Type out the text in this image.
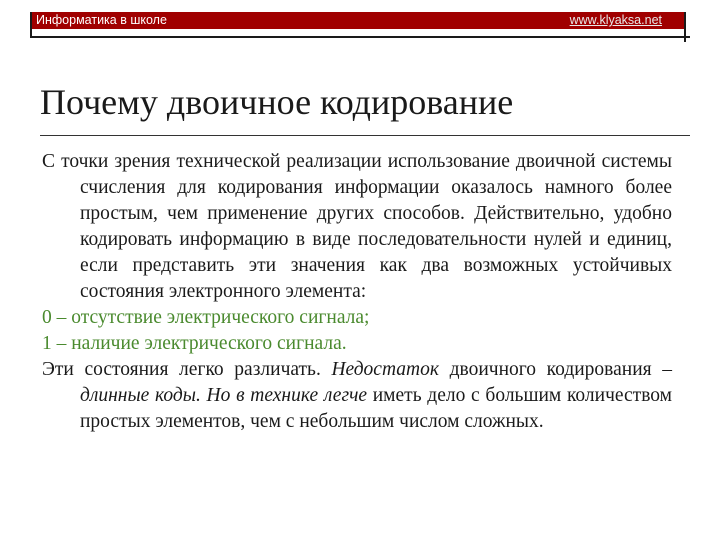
Информатика в школе	www.klyaksa.net
Почему двоичное кодирование

С точки зрения технической реализации использование двоичной системы счисления для кодирования информации оказалось намного более простым, чем применение других способов. Действительно, удобно кодировать информацию в виде последовательности нулей и единиц, если представить эти значения как два возможных устойчивых состояния электронного элемента:

0 – отсутствие электрического сигнала;

1 – наличие электрического сигнала.

Эти состояния легко различать. Недостаток двоичного кодирования – длинные коды. Но в технике легче иметь дело с большим количеством простых элементов, чем с небольшим числом сложных.
